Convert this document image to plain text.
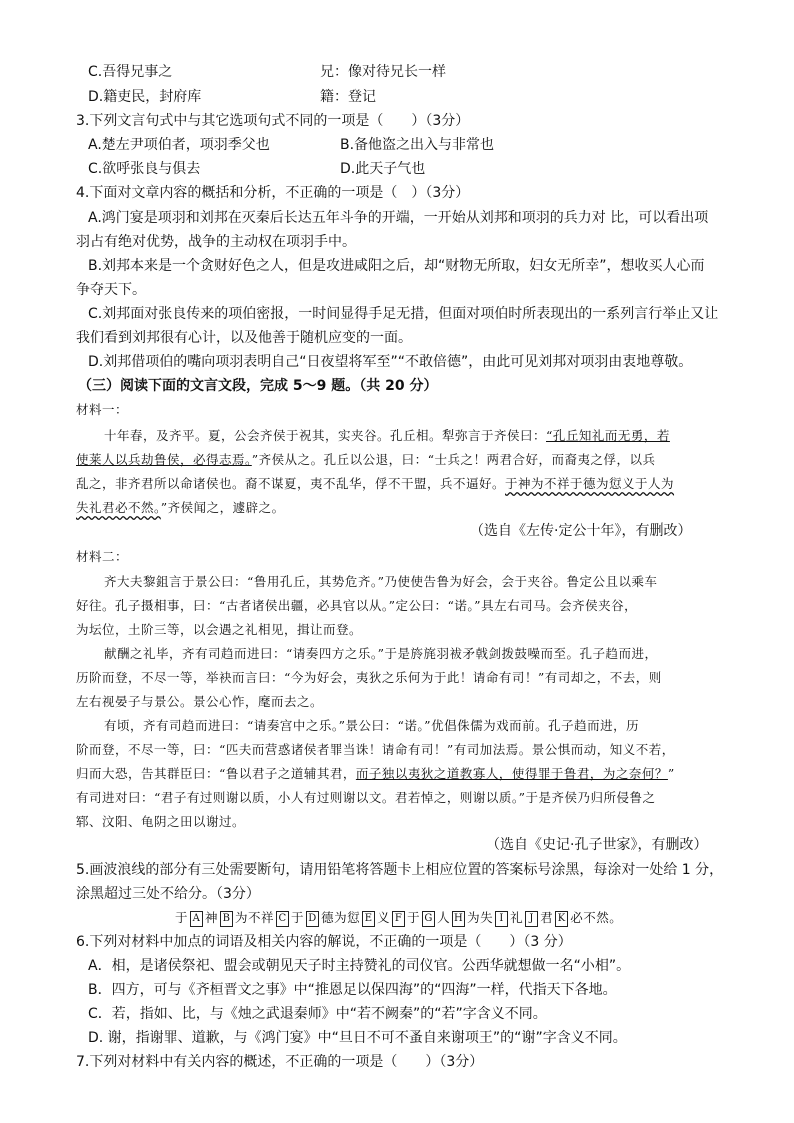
C.吾得兄事之	兄：像对待兄长一样
D.籍吏民，封府库	籍：登记
3.下列文言句式中与其它选项句式不同的一项是（　　）（3分）
A.楚左尹项伯者，项羽季父也	B.备他盗之出入与非常也
C.欲呼张良与俱去	D.此天子气也
4.下面对文章内容的概括和分析，不正确的一项是（　）（3分）
A.鸿门宴是项羽和刘邦在灭秦后长达五年斗争的开端，一开始从刘邦和项羽的兵力对 比，可以看出项
羽占有绝对优势，战争的主动权在项羽手中。
B.刘邦本来是一个贪财好色之人，但是攻进咸阳之后，却“财物无所取，妇女无所幸”，想收买人心而
争夺天下。
C.刘邦面对张良传来的项伯密报，一时间显得手足无措，但面对项伯时所表现出的一系列言行举止又让
我们看到刘邦很有心计，以及他善于随机应变的一面。
D.刘邦借项伯的嘴向项羽表明自己“日夜望将军至”“不敢倍德”，由此可见刘邦对项羽由衷地尊敬。
（三）阅读下面的文言文段，完成 5～9 题。（共 20 分）
材料一：
十年春，及齐平。夏，公会齐侯于祝其，实夹谷。孔丘相。犁弥言于齐侯曰：“孔丘知礼而无勇，若
使莱人以兵劫鲁侯，必得志焉。”齐侯从之。孔丘以公退，曰：“士兵之！两君合好，而裔夷之俘，以兵
乱之，非齐君所以命诸侯也。裔不谋夏，夷不乱华，俘不干盟，兵不逼好。于神为不祥于德为愆义于人为
失礼君必不然。”齐侯闻之，遽辟之。
（选自《左传·定公十年》，有删改）
材料二：
齐大夫黎鉏言于景公曰：“鲁用孔丘，其势危齐。”乃使使告鲁为好会，会于夹谷。鲁定公且以乘车
好往。孔子摄相事，曰：“古者诸侯出疆，必具官以从。”定公曰：“诺。”具左右司马。会齐侯夹谷，
为坛位，土阶三等，以会遇之礼相见，揖让而登。
献酬之礼毕，齐有司趋而进曰：“请奏四方之乐。”于是旍旄羽袚矛戟剑拨鼓噪而至。孔子趋而进，
历阶而登，不尽一等，举袂而言曰：“今为好会，夷狄之乐何为于此！请命有司！”有司却之，不去，则
左右视晏子与景公。景公心怍，麾而去之。
有顷，齐有司趋而进曰：“请奏宫中之乐。”景公曰：“诺。”优倡侏儒为戏而前。孔子趋而进，历
阶而登，不尽一等，曰：“匹夫而营惑诸侯者罪当诛！请命有司！”有司加法焉。景公惧而动，知义不若，
归而大恐，告其群臣曰：“鲁以君子之道辅其君，而子独以夷狄之道教寡人，使得罪于鲁君，为之奈何？”
有司进对曰：“君子有过则谢以质，小人有过则谢以文。君若悼之，则谢以质。”于是齐侯乃归所侵鲁之
郓、汶阳、龟阴之田以谢过。
（选自《史记·孔子世家》，有删改）
5.画波浪线的部分有三处需要断句，请用铅笔将答题卡上相应位置的答案标号涂黑，每涂对一处给 1 分，
涂黑超过三处不给分。（3分）
于 A 神 B 为不祥 C 于 D 德为愆 E 义 F 于 G 人 H 为失 I 礼 J 君 K 必不然。
6.下列对材料中加点的词语及相关内容的解说，不正确的一项是（　　）（3 分）
A．相，是诸侯祭祀、盟会或朝见天子时主持赞礼的司仪官。公西华就想做一名“小相”。
B．四方，可与《齐桓晋文之事》中“推恩足以保四海”的“四海”一样，代指天下各地。
C．若，指如、比，与《烛之武退秦师》中“若不阙秦”的“若”字含义不同。
D. 谢，指谢罪、道歉，与《鸿门宴》中“旦日不可不蚤自来谢项王”的“谢”字含义不同。
7.下列对材料中有关内容的概述，不正确的一项是（　　）（3分）
